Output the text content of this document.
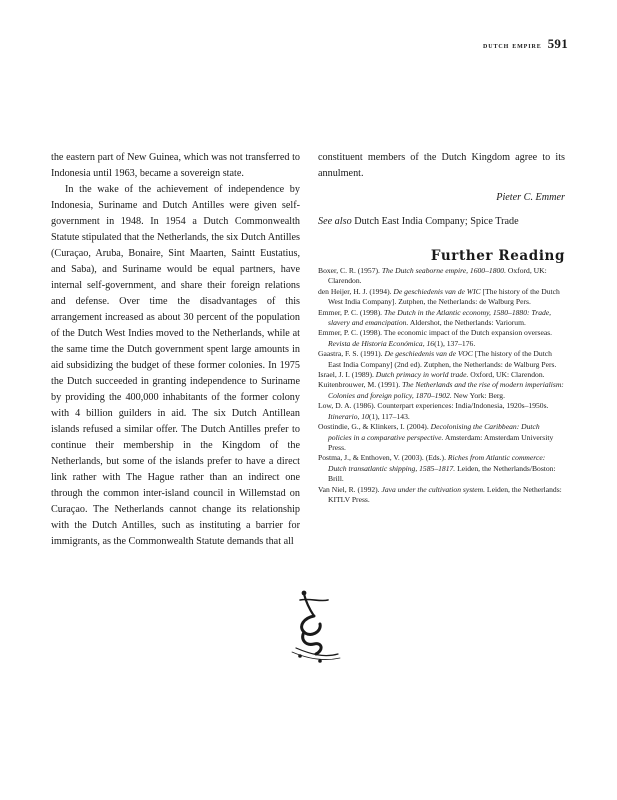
dutch empire 591

the eastern part of New Guinea, which was not transferred to Indonesia until 1963, became a sovereign state.

In the wake of the achievement of independence by Indonesia, Suriname and Dutch Antilles were given self-government in 1948. In 1954 a Dutch Commonwealth Statute stipulated that the Netherlands, the six Dutch Antilles (Curaçao, Aruba, Bonaire, Sint Maarten, Saintt Eustatius, and Saba), and Suriname would be equal partners, have internal self-government, and share their foreign relations and defense. Over time the disadvantages of this arrangement increased as about 30 percent of the population of the Dutch West Indies moved to the Netherlands, while at the same time the Dutch government spent large amounts in aid subsidizing the budget of these former colonies. In 1975 the Dutch succeeded in granting independence to Suriname by providing the 400,000 inhabitants of the former colony with 4 billion guilders in aid. The six Dutch Antillean islands refused a similar offer. The Dutch Antilles prefer to continue their membership in the Kingdom of the Netherlands, but some of the islands prefer to have a direct link rather with The Hague rather than an indirect one through the common inter-island council in Willemstad on Curaçao. The Netherlands cannot change its relationship with the Dutch Antilles, such as instituting a barrier for immigrants, as the Commonwealth Statute demands that all

constituent members of the Dutch Kingdom agree to its annulment.

Pieter C. Emmer

See also Dutch East India Company; Spice Trade

Further Reading

Boxer, C. R. (1957). The Dutch seaborne empire, 1600–1800. Oxford, UK: Clarendon.

den Heijer, H. J. (1994). De geschiedenis van de WIC [The history of the Dutch West India Company]. Zutphen, the Netherlands: de Walburg Pers.

Emmer, P. C. (1998). The Dutch in the Atlantic economy, 1580–1880: Trade, slavery and emancipation. Aldershot, the Netherlands: Variorum.

Emmer, P. C. (1998). The economic impact of the Dutch expansion overseas. Revista de Historia Económica, 16(1), 137–176.

Gaastra, F. S. (1991). De geschiedenis van de VOC [The history of the Dutch East India Company] (2nd ed). Zutphen, the Netherlands: de Walburg Pers.

Israel, J. I. (1989). Dutch primacy in world trade. Oxford, UK: Clarendon.

Kuitenbrouwer, M. (1991). The Netherlands and the rise of modern imperialism: Colonies and foreign policy, 1870–1902. New York: Berg.

Low, D. A. (1986). Counterpart experiences: India/Indonesia, 1920s–1950s. Itinerario, 10(1), 117–143.

Oostindie, G., & Klinkers, I. (2004). Decolonising the Caribbean: Dutch policies in a comparative perspective. Amsterdam: Amsterdam University Press.

Postma, J., & Enthoven, V. (2003). (Eds.). Riches from Atlantic commerce: Dutch transatlantic shipping, 1585–1817. Leiden, the Netherlands/Boston: Brill.

Van Niel, R. (1992). Java under the cultivation system. Leiden, the Netherlands: KITLV Press.
